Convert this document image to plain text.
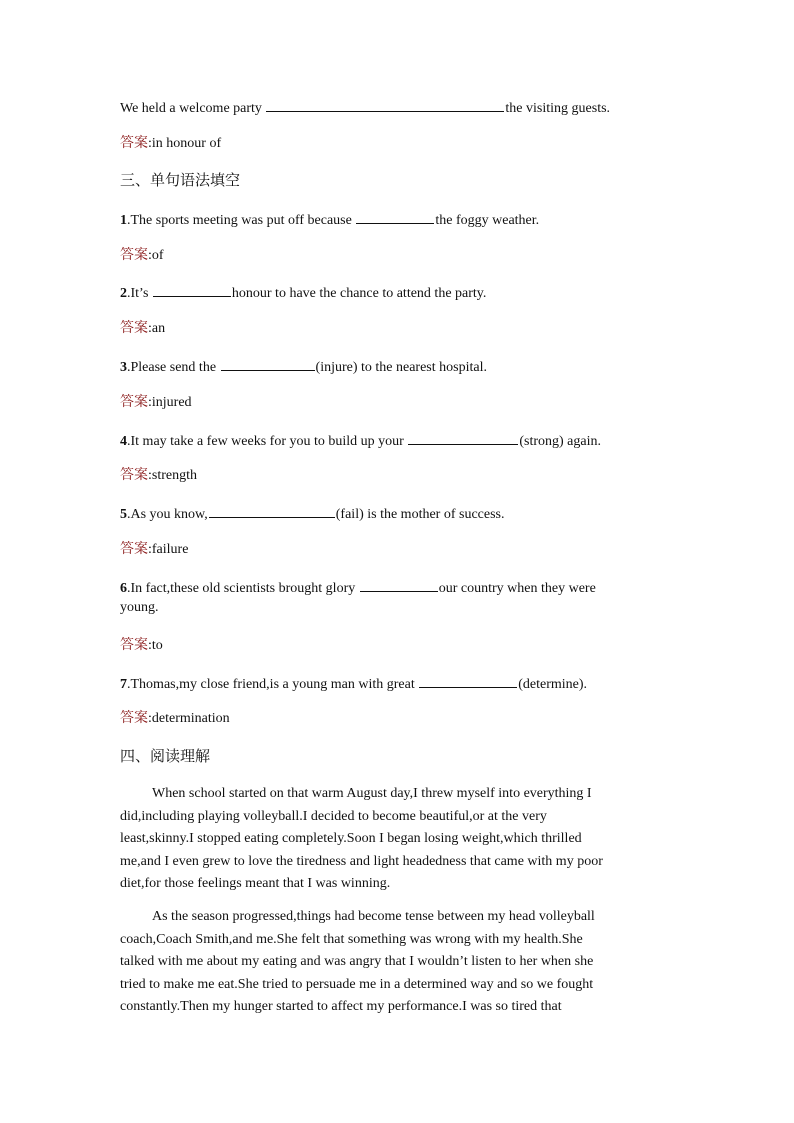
We held a welcome party	the visiting guests.
答案:in honour of
三、单句语法填空
1.The sports meeting was put off because	the foggy weather.
答案:of
2.It’s	honour to have the chance to attend the party.
答案:an
3.Please send the	(injure) to the nearest hospital.
答案:injured
4.It may take a few weeks for you to build up your	(strong) again.
答案:strength
5.As you know,	(fail) is the mother of success.
答案:failure
6.In fact,these old scientists brought glory	our country when they were
young.
答案:to
7.Thomas,my close friend,is a young man with great	(determine).
答案:determination
四、阅读理解
When school started on that warm August day,I threw myself into everything I
did,including playing volleyball.I decided to become beautiful,or at the very
least,skinny.I stopped eating completely.Soon I began losing weight,which thrilled
me,and I even grew to love the tiredness and light headedness that came with my poor
diet,for those feelings meant that I was winning.
As the season progressed,things had become tense between my head volleyball
coach,Coach Smith,and me.She felt that something was wrong with my health.She
talked with me about my eating and was angry that I wouldn’t listen to her when she
tried to make me eat.She tried to persuade me in a determined way and so we fought
constantly.Then my hunger started to affect my performance.I was so tired that
